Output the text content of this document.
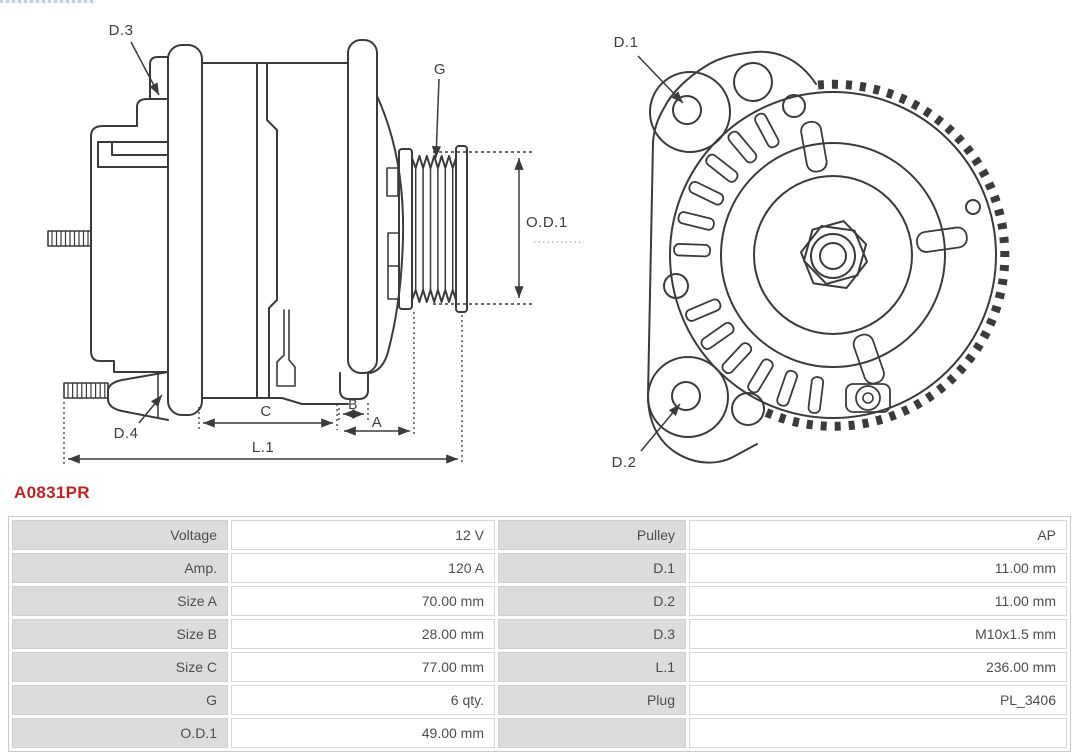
D.3
G
O.D.1
D.4
C	B
A
L.1
D.1
D.2
A0831PR
Voltage	12 V	Pulley	AP
Amp.	120 A	D.1	11.00 mm
Size A	70.00 mm	D.2	11.00 mm
Size B	28.00 mm	D.3	M10x1.5 mm
Size C	77.00 mm	L.1	236.00 mm
G	6 qty.	Plug	PL_3406
O.D.1	49.00 mm
